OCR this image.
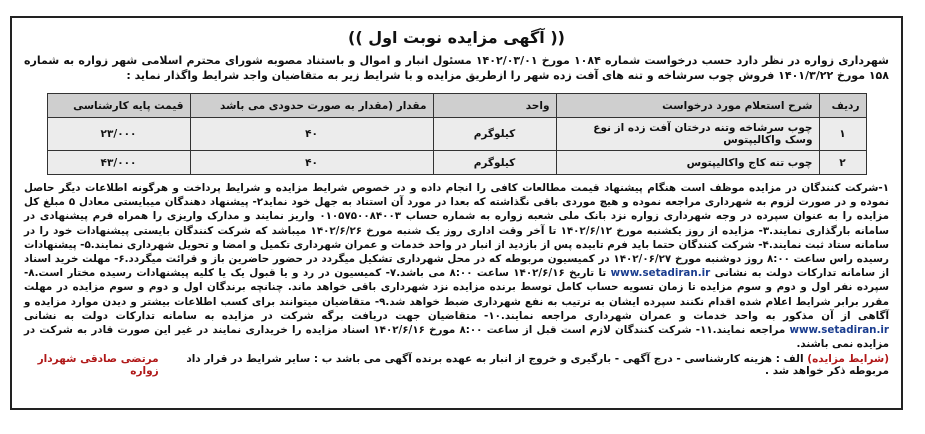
(( آگهی مزایده نوبت اول ))
شهرداری زواره در نظر دارد حسب درخواست شماره ۱۰۸۴ مورخ ۱۴۰۲/۰۳/۰۱ مسئول انبار و اموال و باستناد مصوبه شورای محترم اسلامی شهر زواره به شماره ۱۵۸ مورخ ۱۴۰۱/۳/۲۲ فروش چوب سرشاخه و تنه های آفت زده شهر را ازطریق مزایده و با شرایط زیر به متقاضیان واجد شرایط واگذار نماید :
ردیف	شرح استعلام مورد درخواست	واحد	مقدار (مقدار به صورت حدودی می باشد	قیمت پایه کارشناسی
۱	چوب سرشاخه وتنه درختان آفت زده از نوع وسک واکالیپتوس	کیلوگرم	۴۰	۲۳/۰۰۰
۲	چوب تنه کاج واکالیپتوس	کیلوگرم	۴۰	۴۳/۰۰۰
۱-شرکت کنندگان در مزایده موظف است هنگام پیشنهاد قیمت مطالعات کافی را انجام داده و در خصوص شرایط مزایده و شرایط پرداخت و هرگونه اطلاعات دیگر حاصل نموده و در صورت لزوم به شهرداری مراجعه نموده و هیچ موردی باقی نگذاشته که بعدا در مورد آن استناد به جهل خود نماید۲- پیشنهاد دهندگان میبایستی معادل ۵ مبلغ کل مزایده را به عنوان سپرده در وجه شهرداری زواره نزد بانک ملی شعبه زواره به شماره حساب ۰۱۰۵۷۵۰۰۸۴۰۰۳ واریز نمایند و مدارک واریزی را همراه فرم پیشنهادی در سامانه بارگذاری نمایند.۳- مزایده از روز یکشنبه مورخ ۱۴۰۲/۶/۱۲ تا آخر وقت اداری روز یک شنبه مورخ ۱۴۰۲/۶/۲۶ میباشد که شرکت کنندگان بایستی پیشنهادات خود را در سامانه ستاد ثبت نمایند.۴- شرکت کنندگان حتما باید فرم تابیده پس از بازدید از انبار در واحد خدمات و عمران شهرداری تکمیل و امضا و تحویل شهرداری نمایند.۵- پیشنهادات رسیده راس ساعت ۸:۰۰ روز دوشنبه مورخ ۱۴۰۲/۰۶/۲۷ در کمیسیون مربوطه که در محل شهرداری تشکیل میگردد در حضور حاضرین باز و قرائت میگردد.۶- مهلت خرید اسناد از سامانه تدارکات دولت به نشانی www.setadiran.ir تا تاریخ ۱۴۰۲/۶/۱۶ ساعت ۸:۰۰ می باشد.۷- کمیسیون در رد و یا قبول یک یا کلیه پیشنهادات رسیده مختار است.۸- سپرده نفر اول و دوم و سوم مزایده تا زمان تسویه حساب کامل توسط برنده مزایده نزد شهرداری باقی خواهد ماند. چنانچه برندگان اول و دوم و سوم مزایده در مهلت مقرر برابر شرایط اعلام شده اقدام نکنند سپرده ایشان به ترتیب به نفع شهرداری ضبط خواهد شد.۹- متقاضیان میتوانند برای کسب اطلاعات بیشتر و دیدن موارد مزایده و آگاهی از آن مذکور به واحد خدمات و عمران شهرداری مراجعه نمایند.۱۰- متقاضیان جهت دریافت برگه شرکت در مزایده به سامانه تدارکات دولت به نشانی www.setadiran.ir مراجعه نمایند.۱۱- شرکت کنندگان لازم است قبل از ساعت ۸:۰۰ مورخ ۱۴۰۲/۶/۱۶ اسناد مزایده را خریداری نمایند در غیر این صورت قادر به شرکت در مزایده نمی باشند.
(شرایط مزایده) الف : هزینه کارشناسی - درج آگهی - بارگیری و خروج از انبار به عهده برنده آگهی می باشد ب : سایر شرایط در قرار داد مربوطه ذکر خواهد شد .
مرتضی صادقی شهردار زواره
